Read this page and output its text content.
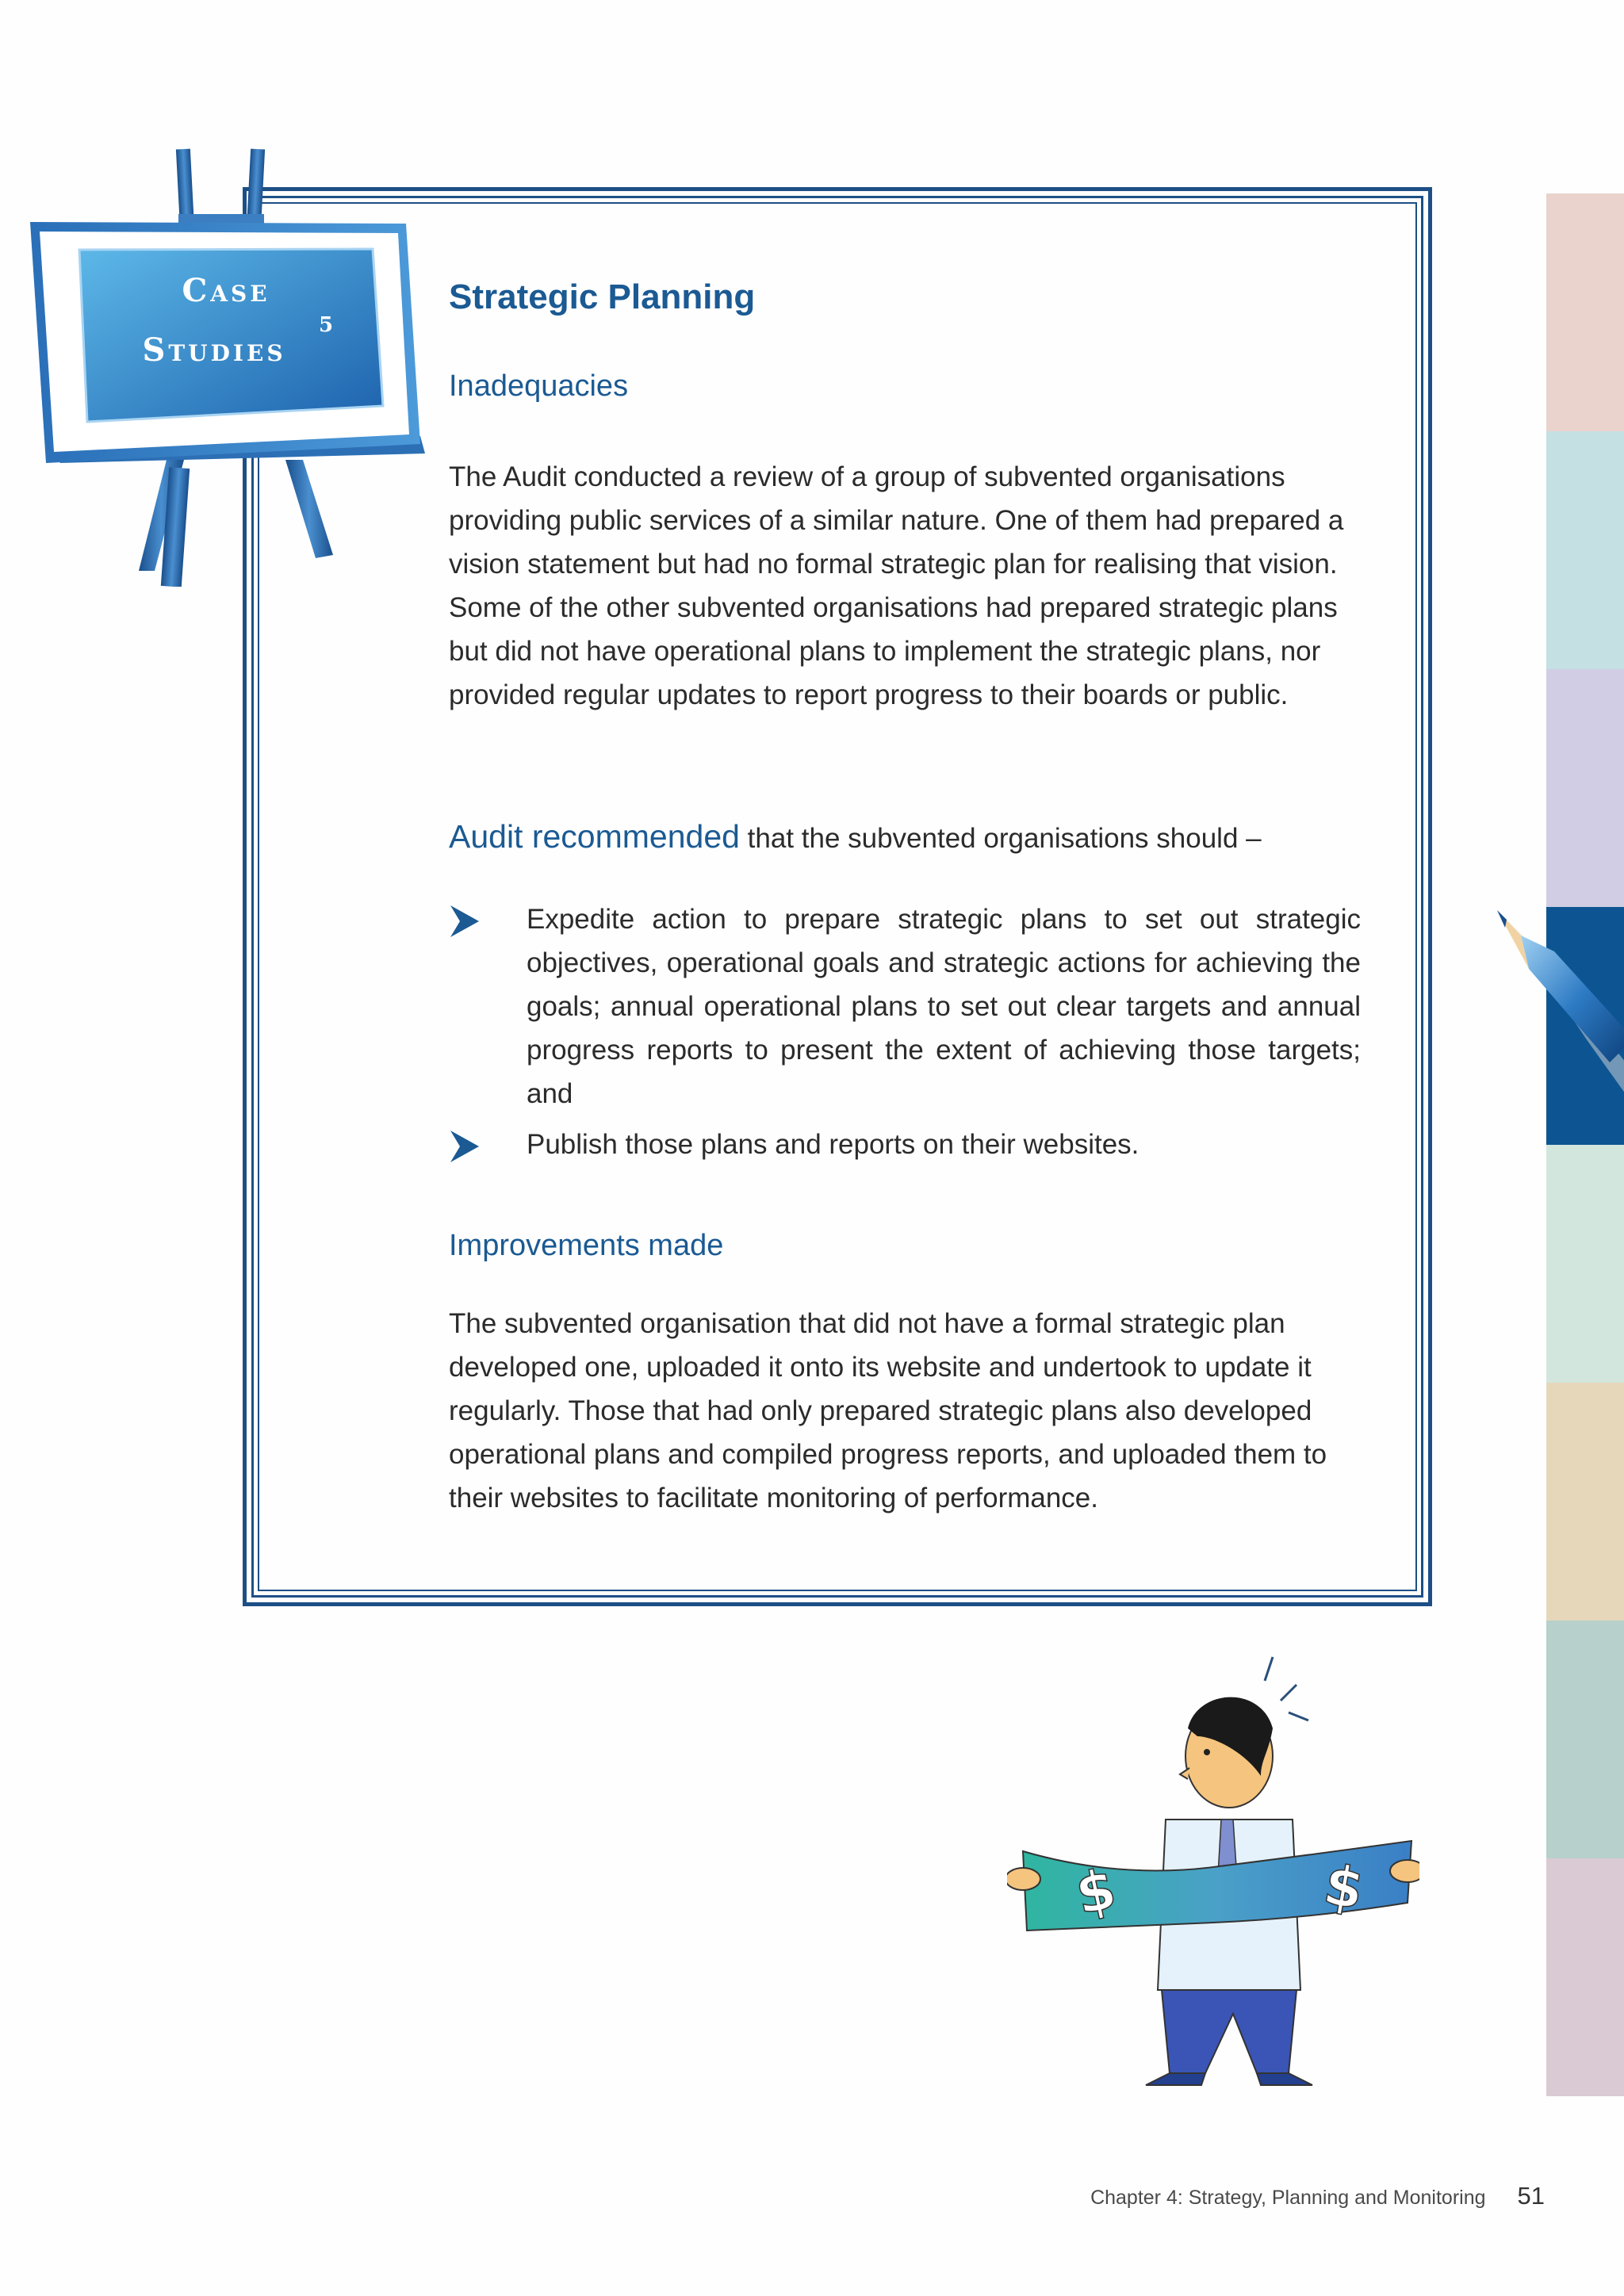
Case
Studies
5
Strategic Planning
Inadequacies

The Audit conducted a review of a group of subvented organisations providing public services of a similar nature. One of them had prepared a vision statement but had no formal strategic plan for realising that vision. Some of the other subvented organisations had prepared strategic plans but did not have operational plans to implement the strategic plans, nor provided regular updates to report progress to their boards or public.

Audit recommended that the subvented organisations should –

Expedite action to prepare strategic plans to set out strategic objectives, operational goals and strategic actions for achieving the goals; annual operational plans to set out clear targets and annual progress reports to present the extent of achieving those targets; and

Publish those plans and reports on their websites.

Improvements made

The subvented organisation that did not have a formal strategic plan developed one, uploaded it onto its website and undertook to update it regularly. Those that had only prepared strategic plans also developed operational plans and compiled progress reports, and uploaded them to their websites to facilitate monitoring of performance.

$	$
Chapter 4: Strategy, Planning and Monitoring 51
